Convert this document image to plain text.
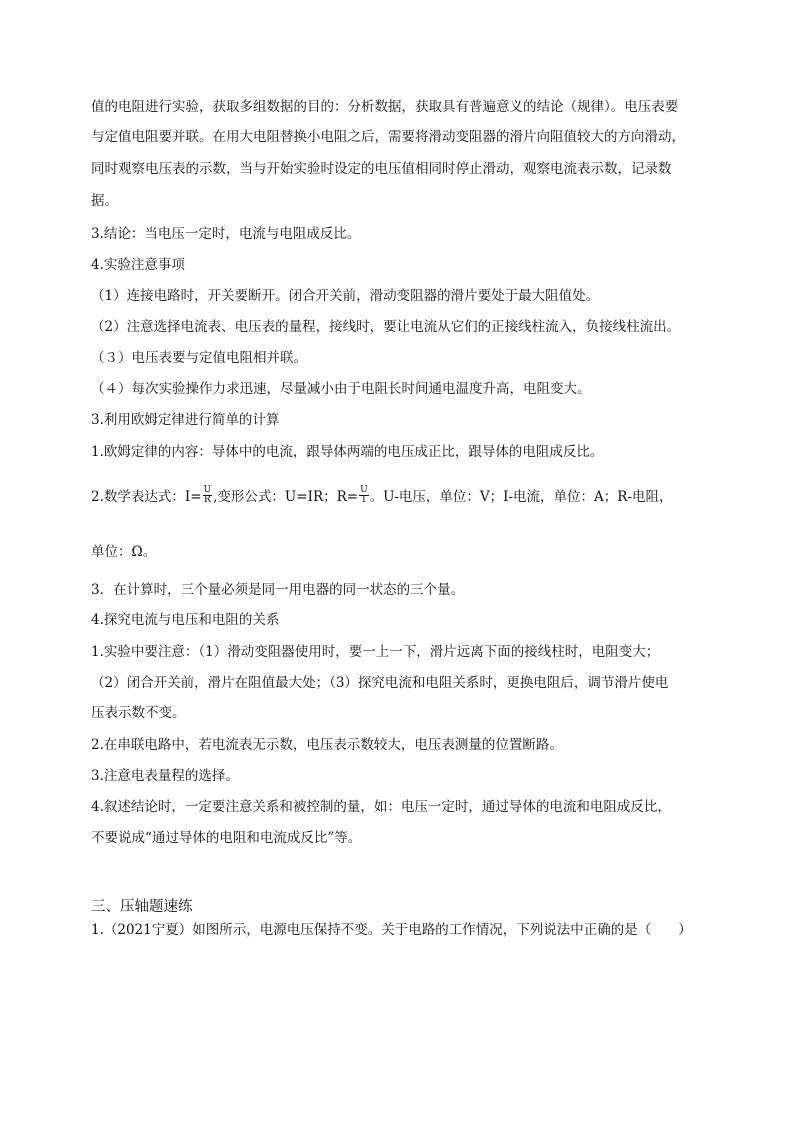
值的电阻进行实验，获取多组数据的目的：分析数据，获取具有普遍意义的结论（规律）。电压表要
与定值电阻要并联。在用大电阻替换小电阻之后，需要将滑动变阻器的滑片向阻值较大的方向滑动，
同时观察电压表的示数，当与开始实验时设定的电压值相同时停止滑动，观察电流表示数，记录数
据。
3.结论：当电压一定时，电流与电阻成反比。
4.实验注意事项
（1）连接电路时，开关要断开。闭合开关前，滑动变阻器的滑片要处于最大阻值处。
（2）注意选择电流表、电压表的量程，接线时，要让电流从它们的正接线柱流入，负接线柱流出。
（３）电压表要与定值电阻相并联。
（４）每次实验操作力求迅速，尽量减小由于电阻长时间通电温度升高，电阻变大。
3.利用欧姆定律进行简单的计算
1.欧姆定律的内容：导体中的电流，跟导体两端的电压成正比，跟导体的电阻成反比。
2.数学表达式：$I= \frac{U}{R}$ ,变形公式：U=IR；$R= \frac{U}{I}$ 。U-电压，单位：V；I-电流，单位：A；R-电阻，
单位：Ω。
3．在计算时，三个量必须是同一用电器的同一状态的三个量。
4.探究电流与电压和电阻的关系
1.实验中要注意：（1）滑动变阻器使用时，要一上一下，滑片远离下面的接线柱时，电阻变大；
（2）闭合开关前，滑片在阻值最大处；（3）探究电流和电阻关系时，更换电阻后，调节滑片使电
压表示数不变。
2.在串联电路中，若电流表无示数，电压表示数较大，电压表测量的位置断路。
3.注意电表量程的选择。
4.叙述结论时，一定要注意关系和被控制的量，如：电压一定时，通过导体的电流和电阻成反比，
不要说成“通过导体的电阻和电流成反比”等。
三、压轴题速练
1.（2021宁夏）如图所示，电源电压保持不变。关于电路的工作情况，下列说法中正确的是（　　）
